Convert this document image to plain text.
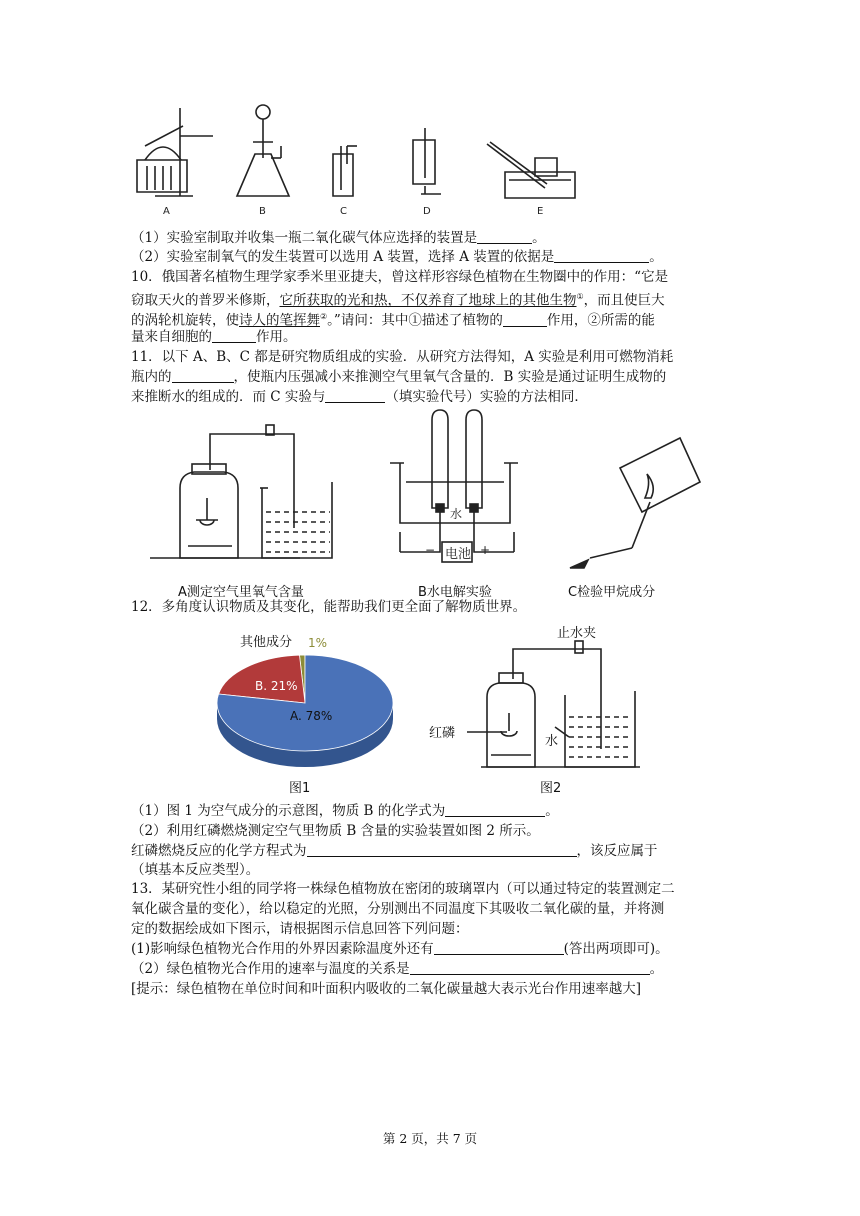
A	B	C	D	E
（1）实验室制取并收集一瓶二氧化碳气体应选择的装置是	。
（2）实验室制氧气的发生装置可以选用 A 装置，选择 A 装置的依据是	。
10．俄国著名植物生理学家季米里亚捷夫，曾这样形容绿色植物在生物圈中的作用：“它是
窃取天火的普罗米修斯，它所获取的光和热，不仅养育了地球上的其他生物①，而且使巨大
的涡轮机旋转，使诗人的笔挥舞②。”请问：其中①描述了植物的	作用，②所需的能
量来自细胞的	作用。
11．以下 A、B、C 都是研究物质组成的实验．从研究方法得知，A 实验是利用可燃物消耗
瓶内的	，使瓶内压强减小来推测空气里氧气含量的．B 实验是通过证明生成物的
来推断水的组成的．而 C 实验与	（填实验代号）实验的方法相同．
水
电池
−	+
A测定空气里氧气含量	B水电解实验	C检验甲烷成分
12．多角度认识物质及其变化，能帮助我们更全面了解物质世界。
其他成分 1%
B. 21%
A. 78%
图1
止水夹
红磷
水
图2
（1）图 1 为空气成分的示意图，物质 B 的化学式为	。
（2）利用红磷燃烧测定空气里物质 B 含量的实验装置如图 2 所示。
红磷燃烧反应的化学方程式为	，该反应属于
（填基本反应类型）。
13．某研究性小组的同学将一株绿色植物放在密闭的玻璃罩内（可以通过特定的装置测定二
氧化碳含量的变化），给以稳定的光照，分别测出不同温度下其吸收二氧化碳的量，并将测
定的数据绘成如下图示，请根据图示信息回答下列问题：
(1)影响绿色植物光合作用的外界因素除温度外还有	(答出两项即可)。
（2）绿色植物光合作用的速率与温度的关系是	。
[提示：绿色植物在单位时间和叶面积内吸收的二氧化碳量越大表示光台作用速率越大]
第 2 页，共 7 页
